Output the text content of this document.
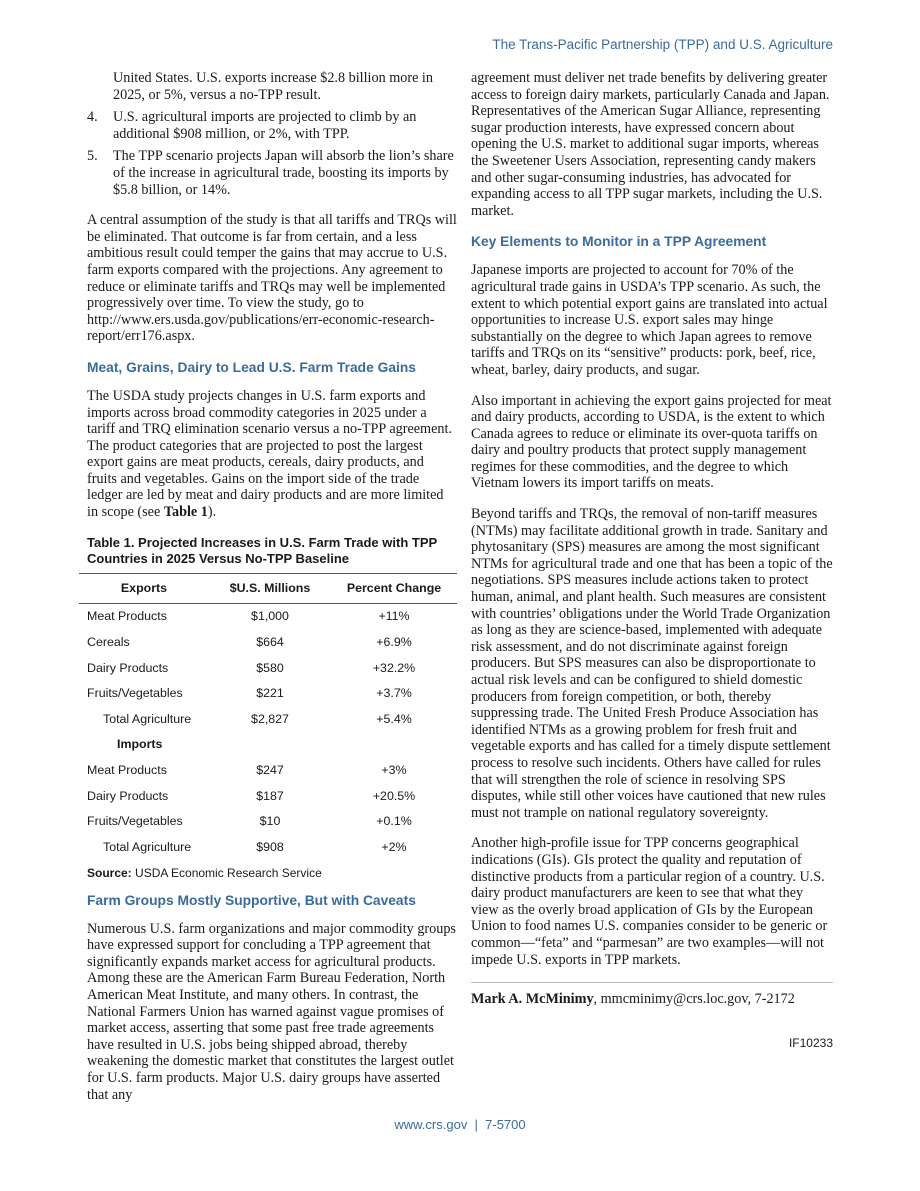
The Trans-Pacific Partnership (TPP) and U.S. Agriculture
United States. U.S. exports increase $2.8 billion more in 2025, or 5%, versus a no-TPP result.
4.	U.S. agricultural imports are projected to climb by an additional $908 million, or 2%, with TPP.
5.	The TPP scenario projects Japan will absorb the lion’s share of the increase in agricultural trade, boosting its imports by $5.8 billion, or 14%.

A central assumption of the study is that all tariffs and TRQs will be eliminated. That outcome is far from certain, and a less ambitious result could temper the gains that may accrue to U.S. farm exports compared with the projections. Any agreement to reduce or eliminate tariffs and TRQs may well be implemented progressively over time. To view the study, go to http://www.ers.usda.gov/publications/err-economic-research-report/err176.aspx.

Meat, Grains, Dairy to Lead U.S. Farm Trade Gains

The USDA study projects changes in U.S. farm exports and imports across broad commodity categories in 2025 under a tariff and TRQ elimination scenario versus a no-TPP agreement. The product categories that are projected to post the largest export gains are meat products, cereals, dairy products, and fruits and vegetables. Gains on the import side of the trade ledger are led by meat and dairy products and are more limited in scope (see Table 1).

Table 1. Projected Increases in U.S. Farm Trade with TPP Countries in 2025 Versus No-TPP Baseline
Exports	$U.S. Millions	Percent Change
Meat Products	$1,000	+11%
Cereals	$664	+6.9%
Dairy Products	$580	+32.2%
Fruits/Vegetables	$221	+3.7%
Total Agriculture	$2,827	+5.4%
Imports		
Meat Products	$247	+3%
Dairy Products	$187	+20.5%
Fruits/Vegetables	$10	+0.1%
Total Agriculture	$908	+2%
Source: USDA Economic Research Service
Farm Groups Mostly Supportive, But with Caveats

Numerous U.S. farm organizations and major commodity groups have expressed support for concluding a TPP agreement that significantly expands market access for agricultural products. Among these are the American Farm Bureau Federation, North American Meat Institute, and many others. In contrast, the National Farmers Union has warned against vague promises of market access, asserting that some past free trade agreements have resulted in U.S. jobs being shipped abroad, thereby weakening the domestic market that constitutes the largest outlet for U.S. farm products. Major U.S. dairy groups have asserted that any

agreement must deliver net trade benefits by delivering greater access to foreign dairy markets, particularly Canada and Japan. Representatives of the American Sugar Alliance, representing sugar production interests, have expressed concern about opening the U.S. market to additional sugar imports, whereas the Sweetener Users Association, representing candy makers and other sugar-consuming industries, has advocated for expanding access to all TPP sugar markets, including the U.S. market.

Key Elements to Monitor in a TPP Agreement

Japanese imports are projected to account for 70% of the agricultural trade gains in USDA’s TPP scenario. As such, the extent to which potential export gains are translated into actual opportunities to increase U.S. export sales may hinge substantially on the degree to which Japan agrees to remove tariffs and TRQs on its “sensitive” products: pork, beef, rice, wheat, barley, dairy products, and sugar.

Also important in achieving the export gains projected for meat and dairy products, according to USDA, is the extent to which Canada agrees to reduce or eliminate its over-quota tariffs on dairy and poultry products that protect supply management regimes for these commodities, and the degree to which Vietnam lowers its import tariffs on meats.

Beyond tariffs and TRQs, the removal of non-tariff measures (NTMs) may facilitate additional growth in trade. Sanitary and phytosanitary (SPS) measures are among the most significant NTMs for agricultural trade and one that has been a topic of the negotiations. SPS measures include actions taken to protect human, animal, and plant health. Such measures are consistent with countries’ obligations under the World Trade Organization as long as they are science-based, implemented with adequate risk assessment, and do not discriminate against foreign producers. But SPS measures can also be disproportionate to actual risk levels and can be configured to shield domestic producers from foreign competition, or both, thereby suppressing trade. The United Fresh Produce Association has identified NTMs as a growing problem for fresh fruit and vegetable exports and has called for a timely dispute settlement process to resolve such incidents. Others have called for rules that will strengthen the role of science in resolving SPS disputes, while still other voices have cautioned that new rules must not trample on national regulatory sovereignty.

Another high-profile issue for TPP concerns geographical indications (GIs). GIs protect the quality and reputation of distinctive products from a particular region of a country. U.S. dairy product manufacturers are keen to see that what they view as the overly broad application of GIs by the European Union to food names U.S. companies consider to be generic or common—“feta” and “parmesan” are two examples—will not impede U.S. exports in TPP markets.

Mark A. McMinimy, mmcminimy@crs.loc.gov, 7-2172
IF10233
www.crs.gov  |  7-5700
